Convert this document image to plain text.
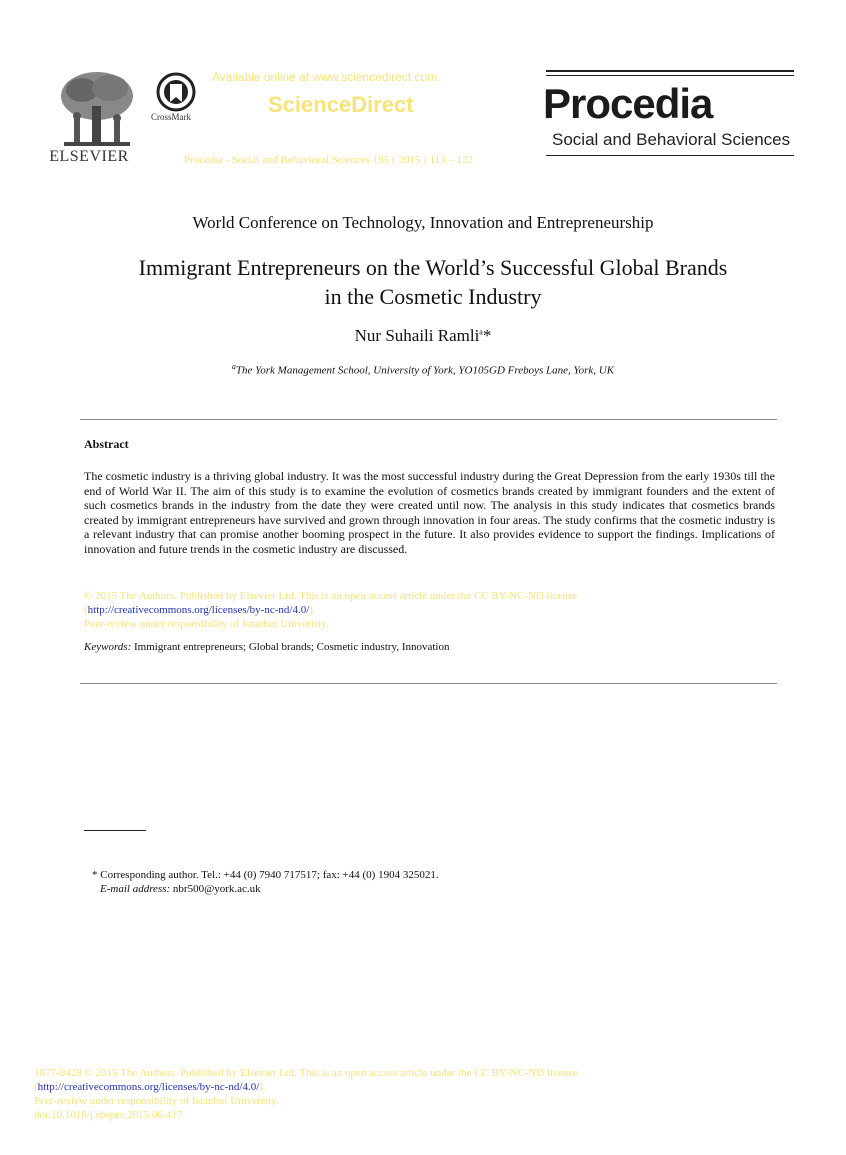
ELSEVIER
CrossMark
Available online at www.sciencedirect.com
ScienceDirect
Procedia - Social and Behavioral Sciences 195 ( 2015 ) 113 – 122
Procedia
Social and Behavioral Sciences
World Conference on Technology, Innovation and Entrepreneurship
Immigrant Entrepreneurs on the World’s Successful Global Brands
in the Cosmetic Industry
Nur Suhaili Ramli$^a$*
$^a$The York Management School, University of York, YO105GD Freboys Lane, York, UK
Abstract
The cosmetic industry is a thriving global industry. It was the most successful industry during the Great Depression from the early 1930s till the end of World War II. The aim of this study is to examine the evolution of cosmetics brands created by immigrant founders and the extent of such cosmetics brands in the industry from the date they were created until now. The analysis in this study indicates that cosmetics brands created by immigrant entrepreneurs have survived and grown through innovation in four areas. The study confirms that the cosmetic industry is a relevant industry that can promise another booming prospect in the future. It also provides evidence to support the findings. Implications of innovation and future trends in the cosmetic industry are discussed.
© 2015 The Authors. Published by Elsevier Ltd. This is an open access article under the CC BY-NC-ND license
(http://creativecommons.org/licenses/by-nc-nd/4.0/).
Peer-review under responsibility of Istanbul Univeristy.
Keywords: Immigrant entrepreneurs; Global brands; Cosmetic industry, Innovation
* Corresponding author. Tel.: +44 (0) 7940 717517; fax: +44 (0) 1904 325021.
E-mail address: nbr500@york.ac.uk
1877-0428 © 2015 The Authors. Published by Elsevier Ltd. This is an open access article under the CC BY-NC-ND license
(http://creativecommons.org/licenses/by-nc-nd/4.0/).
Peer-review under responsibility of Istanbul Univeristy.
doi:10.1016/j.sbspro.2015.06.417
